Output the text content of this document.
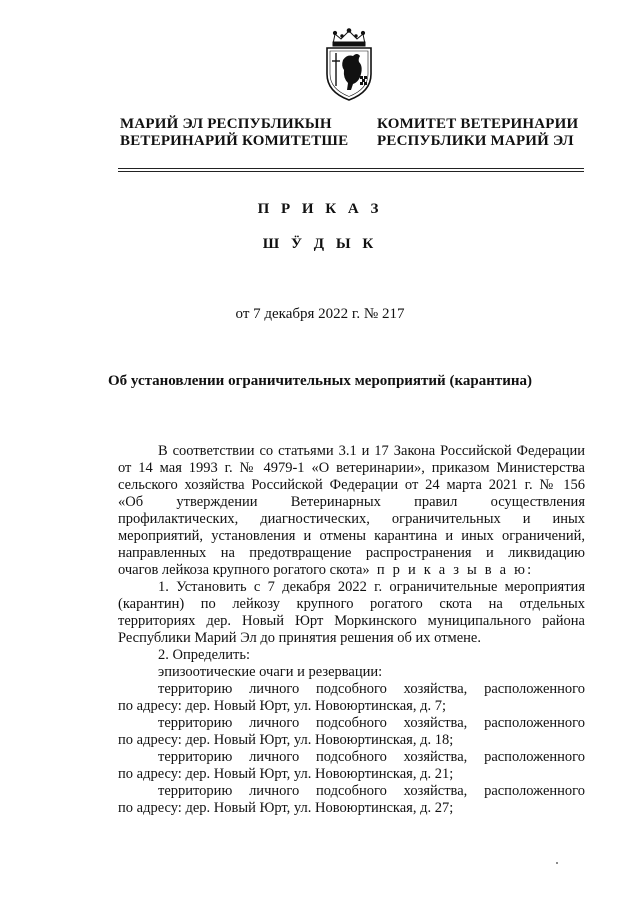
МАРИЙ ЭЛ РЕСПУБЛИКЫН
ВЕТЕРИНАРИЙ КОМИТЕТШЕ
КОМИТЕТ ВЕТЕРИНАРИИ
РЕСПУБЛИКИ МАРИЙ ЭЛ
П Р И К А З
Ш Ӱ Д Ы К
от 7 декабря 2022 г. № 217
Об установлении ограничительных мероприятий (карантина)
В соответствии со статьями 3.1 и 17 Закона Российской Федерации
от 14 мая 1993 г. № 4979-1 «О ветеринарии», приказом Министерства
сельского хозяйства Российской Федерации от 24 марта 2021 г. № 156
«Об утверждении Ветеринарных правил осуществления
профилактических, диагностических, ограничительных и иных
мероприятий, установления и отмены карантина и иных ограничений,
направленных на предотвращение распространения и ликвидацию
очагов лейкоза крупного рогатого скота» п р и к а з ы в а ю:
1. Установить с 7 декабря 2022 г. ограничительные мероприятия
(карантин) по лейкозу крупного рогатого скота на отдельных
территориях дер. Новый Юрт Моркинского муниципального района
Республики Марий Эл до принятия решения об их отмене.
2. Определить:
эпизоотические очаги и резервации:
территорию личного подсобного хозяйства, расположенного
по адресу: дер. Новый Юрт, ул. Новоюртинская, д. 7;
территорию личного подсобного хозяйства, расположенного
по адресу: дер. Новый Юрт, ул. Новоюртинская, д. 18;
территорию личного подсобного хозяйства, расположенного
по адресу: дер. Новый Юрт, ул. Новоюртинская, д. 21;
территорию личного подсобного хозяйства, расположенного
по адресу: дер. Новый Юрт, ул. Новоюртинская, д. 27;
